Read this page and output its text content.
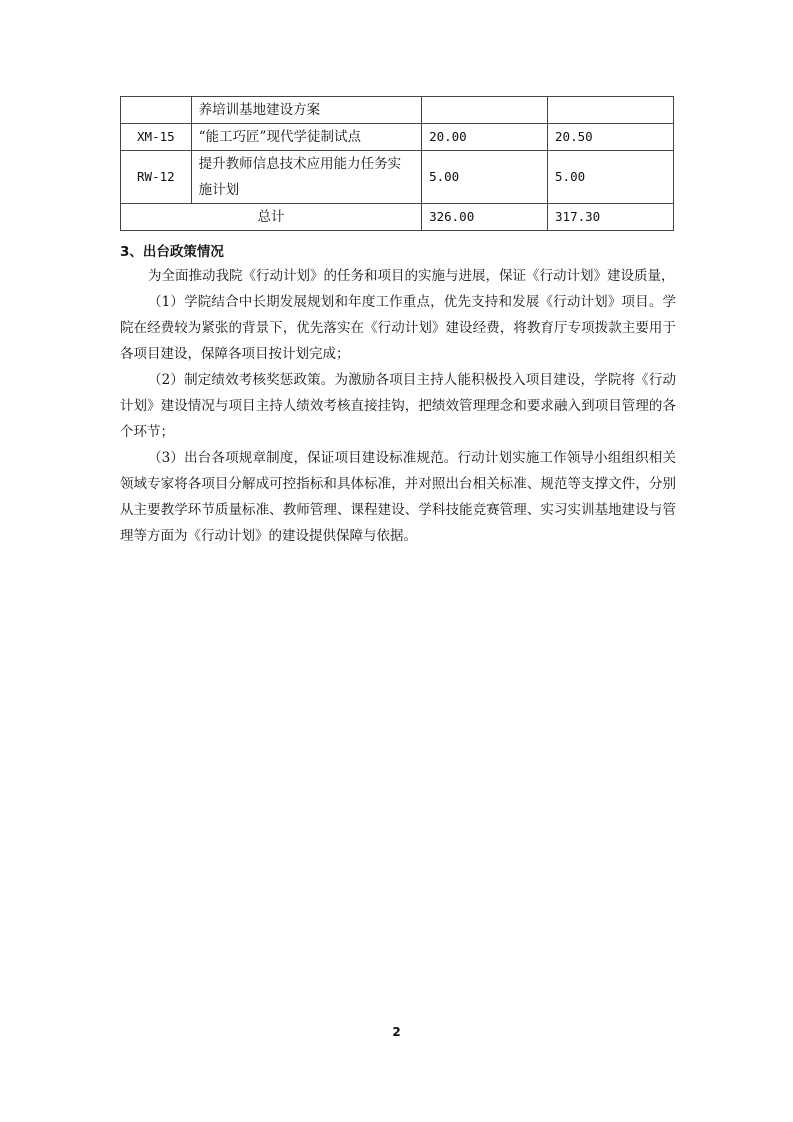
	养培训基地建设方案		
XM-15	“能工巧匠”现代学徒制试点	20.00	20.50
RW-12	提升教师信息技术应用能力任务实施计划	5.00	5.00
总计		326.00	317.30
3、出台政策情况

为全面推动我院《行动计划》的任务和项目的实施与进展，保证《行动计划》建设质量，

（1）学院结合中长期发展规划和年度工作重点，优先支持和发展《行动计划》项目。学院在经费较为紧张的背景下，优先落实在《行动计划》建设经费，将教育厅专项拨款主要用于各项目建设，保障各项目按计划完成；

（2）制定绩效考核奖惩政策。为激励各项目主持人能积极投入项目建设，学院将《行动计划》建设情况与项目主持人绩效考核直接挂钩，把绩效管理理念和要求融入到项目管理的各个环节；

（3）出台各项规章制度，保证项目建设标准规范。行动计划实施工作领导小组组织相关领域专家将各项目分解成可控指标和具体标准，并对照出台相关标准、规范等支撑文件，分别从主要教学环节质量标准、教师管理、课程建设、学科技能竞赛管理、实习实训基地建设与管理等方面为《行动计划》的建设提供保障与依据。

2
